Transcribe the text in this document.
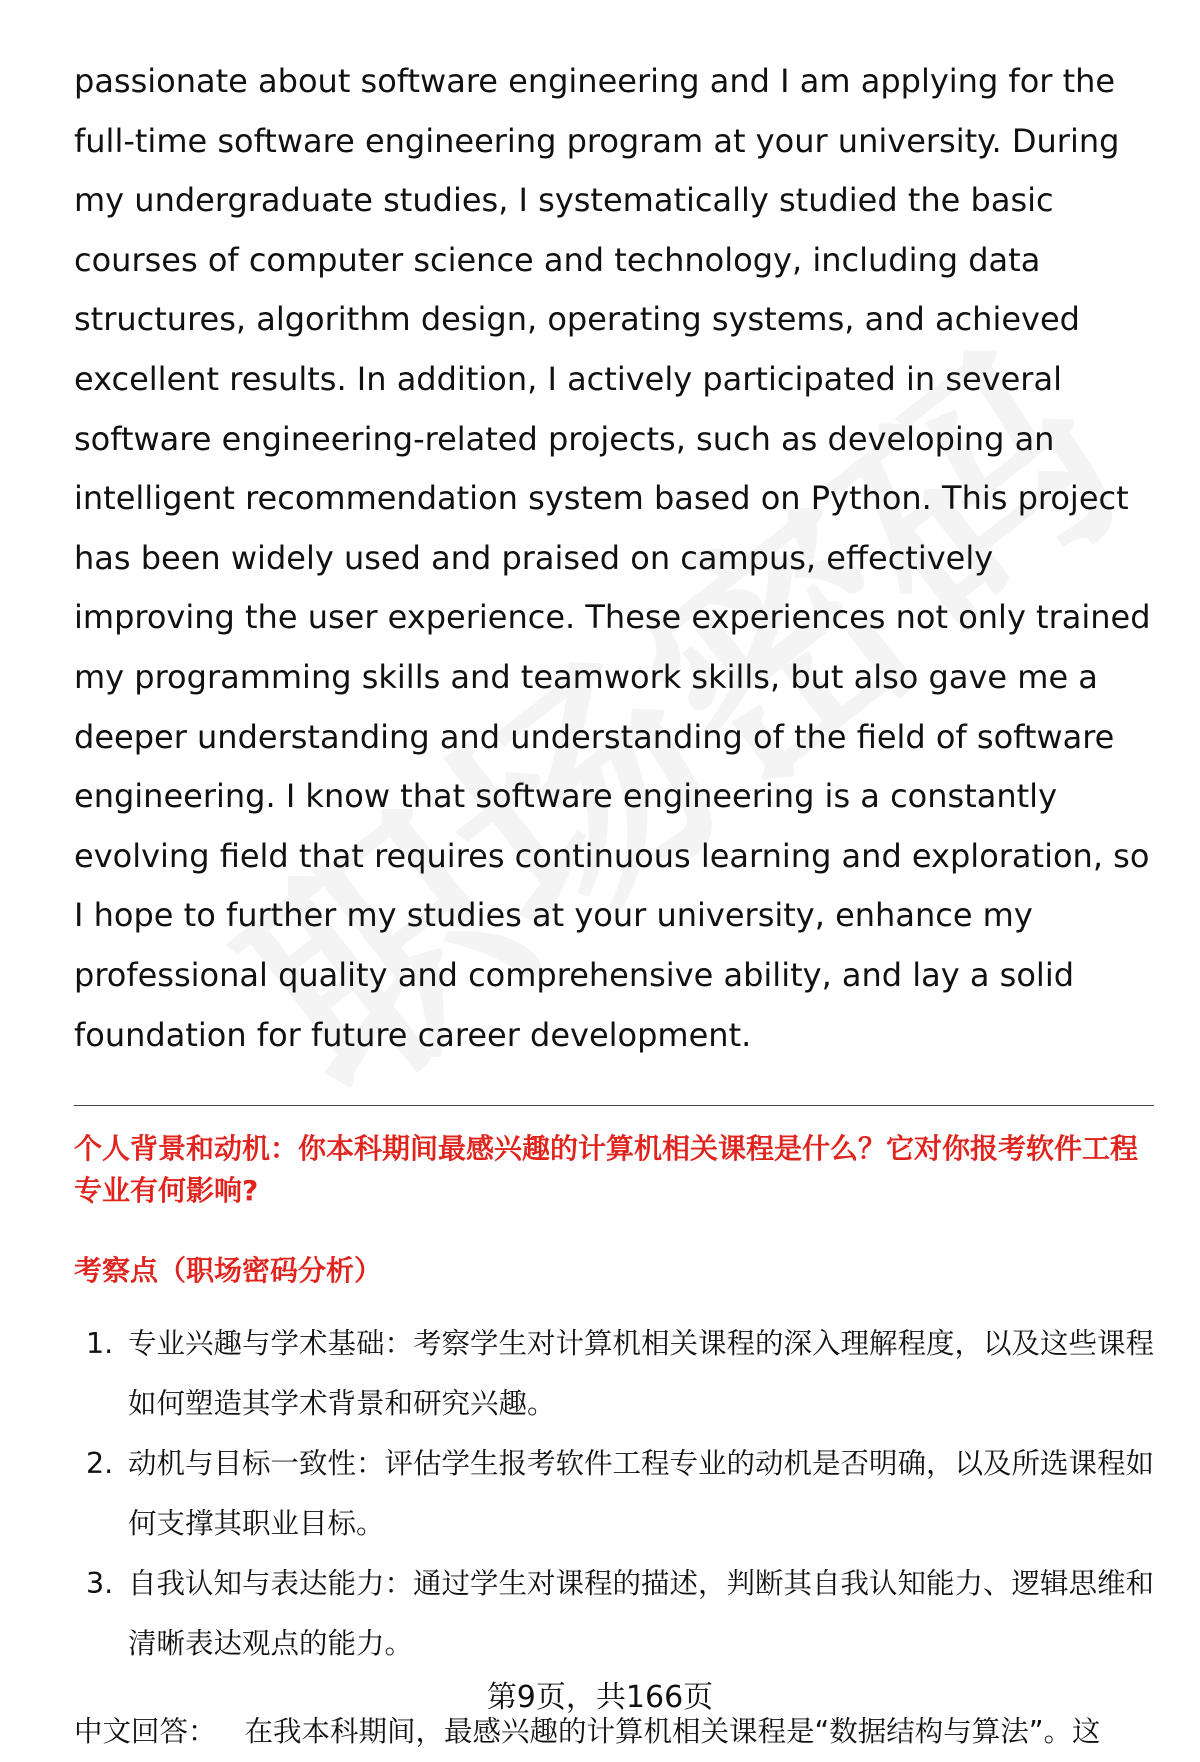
passionate about software engineering and I am applying for the full-time software engineering program at your university. During my undergraduate studies, I systematically studied the basic courses of computer science and technology, including data structures, algorithm design, operating systems, and achieved excellent results. In addition, I actively participated in several software engineering-related projects, such as developing an intelligent recommendation system based on Python. This project has been widely used and praised on campus, effectively improving the user experience. These experiences not only trained my programming skills and teamwork skills, but also gave me a deeper understanding and understanding of the field of software engineering. I know that software engineering is a constantly evolving field that requires continuous learning and exploration, so I hope to further my studies at your university, enhance my professional quality and comprehensive ability, and lay a solid foundation for future career development.

个人背景和动机：你本科期间最感兴趣的计算机相关课程是什么？它对你报考软件工程专业有何影响?

考察点（职场密码分析）

1. 专业兴趣与学术基础：考察学生对计算机相关课程的深入理解程度，以及这些课程如何塑造其学术背景和研究兴趣。
2. 动机与目标一致性：评估学生报考软件工程专业的动机是否明确，以及所选课程如何支撑其职业目标。
3. 自我认知与表达能力：通过学生对课程的描述，判断其自我认知能力、逻辑思维和清晰表达观点的能力。

中文回答： 在我本科期间，最感兴趣的计算机相关课程是“数据结构与算法”。这

第9页，共166页
